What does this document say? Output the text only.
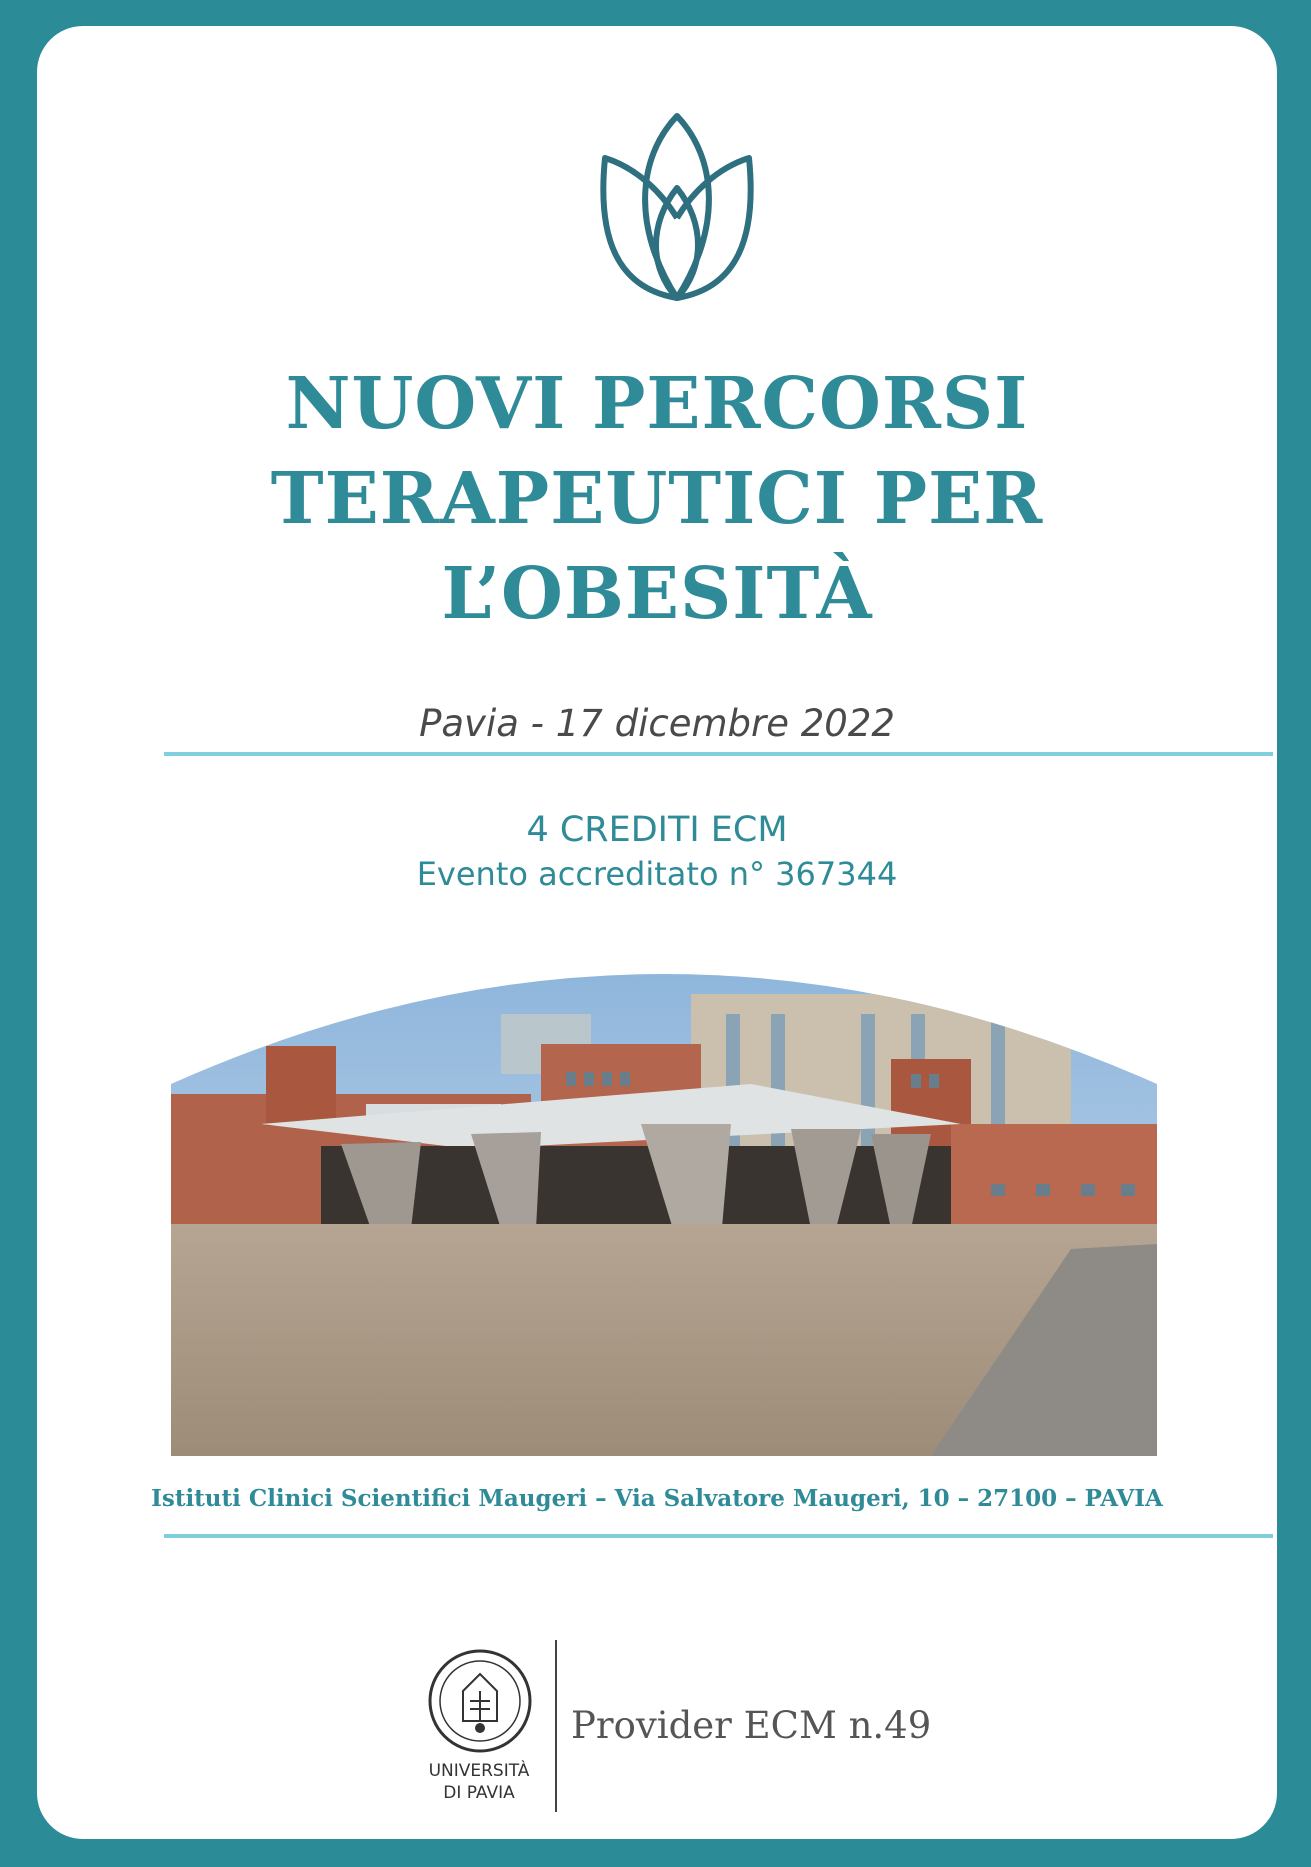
NUOVI PERCORSI
TERAPEUTICI PER
L’OBESITÀ
Pavia - 17 dicembre 2022
4 CREDITI ECM
Evento accreditato n° 367344
Istituti Clinici Scientifici Maugeri – Via Salvatore Maugeri, 10 – 27100 – PAVIA
UNIVERSITÀ
DI PAVIA
Provider ECM n.49
